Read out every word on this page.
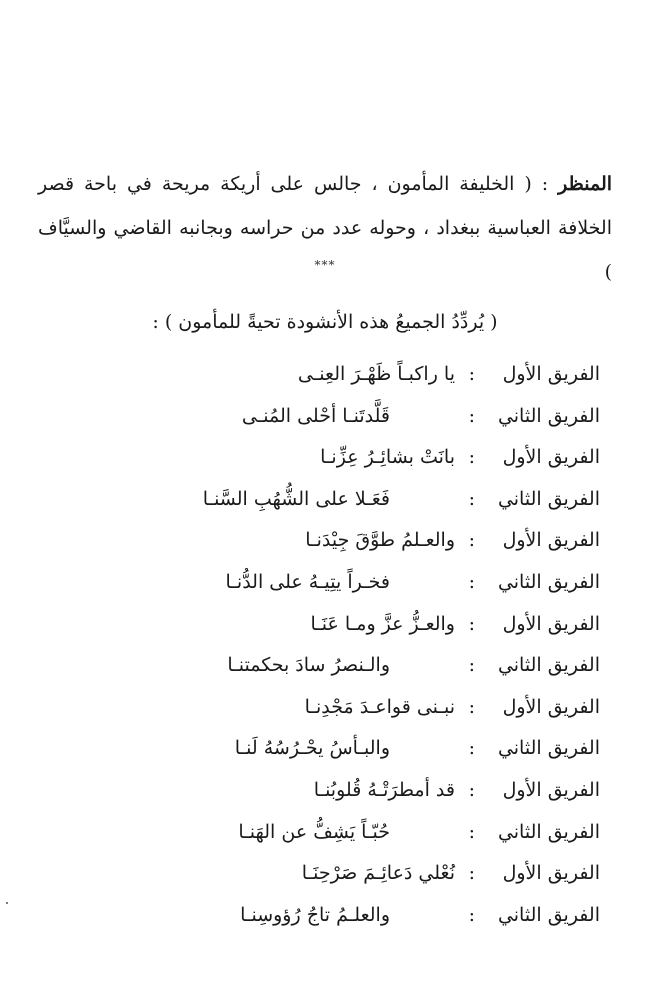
المنظر : ( الخليفة المأمون ، جالس على أريكة مريحة في باحة قصر الخلافة العباسية ببغداد ، وحوله عدد من حراسه وبجانبه القاضي والسيَّاف )

***
( يُردِّدُ الجميعُ هذه الأنشودة تحيةً للمأمون ) :
الفريق الأول
:
يا راكبـاً ظَهْـرَ العِنـى
الفريق الثاني
:
قَلَّدتَنـا أحْلى المُنـى
الفريق الأول
:
بانَتْ بشائِـرُ عِزِّنـا
الفريق الثاني
:
فَعَـلا على الشُّهُبِ السَّنـا
الفريق الأول
:
والعـلمُ طوَّقَ جِيْدَنـا
الفريق الثاني
:
فخـراً يتِيـهُ على الدُّنـا
الفريق الأول
:
والعـزُّ عزَّ ومـا عَنَـا
الفريق الثاني
:
والـنصرُ سادَ بحكمتنـا
الفريق الأول
:
نبـنى قواعـدَ مَجْدِنـا
الفريق الثاني
:
والبـأسُ يحْـرُسُهُ لَنـا
الفريق الأول
:
قد أمطرَتْـهُ قُلوبُنـا
الفريق الثاني
:
حُبّـاً يَشِفُّ عن الهَنـا
الفريق الأول
:
نُعْلي دَعائِـمَ صَرْحِنَـا
الفريق الثاني
:
والعلـمُ تاجُ رُؤوسِنـا
